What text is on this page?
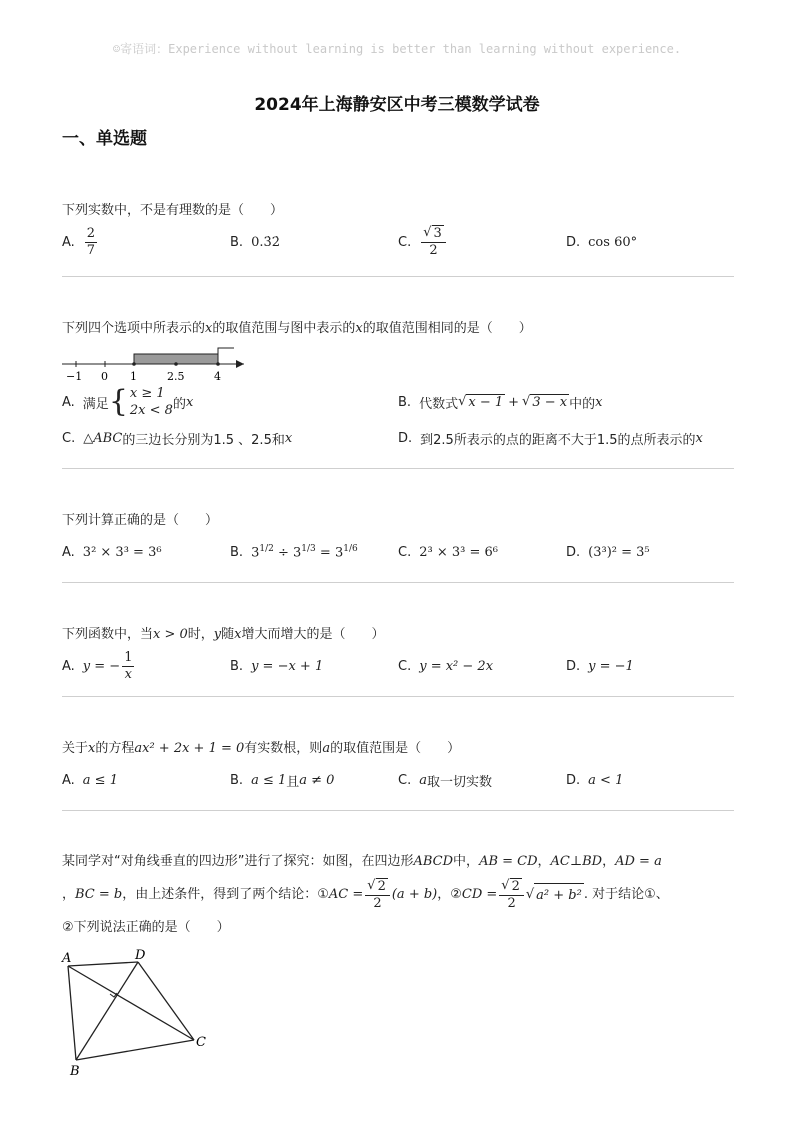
☺寄语词：Experience without learning is better than learning without experience.
2024年上海静安区中考三模数学试卷
一、单选题
下列实数中，不是有理数的是（　　）
A. $\frac{2}{7}$	B. 0.3̇2̇	C. $\frac{√ 3}{2}$	D. cos 60°
下列四个选项中所表示的x的取值范围与图中表示的x的取值范围相同的是（　　）
−1 0 1	2.5	4
A. 满足 { x ≥ 1
2x < 8 的 x	B. 代数式 √ x − 1 + √ 3 − x 中的 x
C. △ ABC 的三边长分别为1.5 、2.5和 x	D. 到2.5所表示的点的距离不大于1.5的点所表示的 x
下列计算正确的是（　　）
A. 3² × 3³ = 3⁶	B. $3^{1/2} \div 3^{1/3} = 3^{1/6}$	C. 2³ × 3³ = 6⁶	D. (3³)² = 3⁵
下列函数中，当x > 0时，y随x增大而增大的是（　　）
A. y = − $\frac{1}{x}$	B. y = −x + 1	C. y = x² − 2x	D. y = −1
关于x的方程ax² + 2x + 1 = 0有实数根，则a的取值范围是（　　）
A. a ≤ 1	B. a ≤ 1 且 a ≠ 0	C. a 取一切实数	D. a < 1
某同学对“对角线垂直的四边形”进行了探究：如图，在四边形ABCD中，AB = CD，AC⊥BD，AD = a
， BC = b ，由上述条件，得到了两个结论：① AC = $\frac{√ 2}{2} (a + b)$ ，② CD = $\frac{√ 2}{2}$ √ a² + b² . 对于结论①、
②下列说法正确的是（　　）
A	D
C
B
